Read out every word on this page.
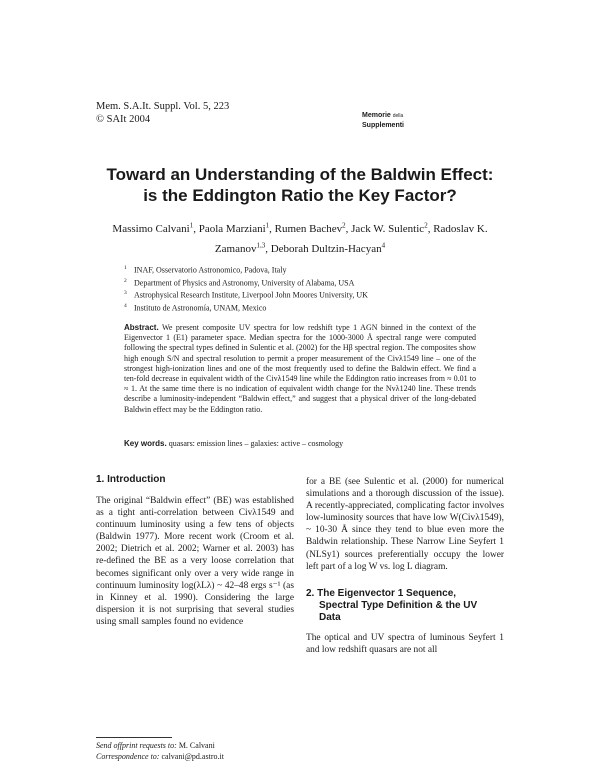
Mem. S.A.It. Suppl. Vol. 5, 223
© SAIt 2004	Memorie della
Supplementi
Toward an Understanding of the Baldwin Effect:
is the Eddington Ratio the Key Factor?
Massimo Calvani$^1$, Paola Marziani$^1$, Rumen Bachev$^2$, Jack W. Sulentic$^2$, Radoslav K. Zamanov$^{1,3}$, Deborah Dultzin-Hacyan$^4$
$^1$ INAF, Osservatorio Astronomico, Padova, Italy
$^2$ Department of Physics and Astronomy, University of Alabama, USA
$^3$ Astrophysical Research Institute, Liverpool John Moores University, UK
$^4$ Instituto de Astronomía, UNAM, Mexico
Abstract. We present composite UV spectra for low redshift type 1 AGN binned in the context of the Eigenvector 1 (E1) parameter space. Median spectra for the 1000-3000 Å spectral range were computed following the spectral types defined in Sulentic et al. (2002) for the Hβ spectral region. The composites show high enough S/N and spectral resolution to permit a proper measurement of the Civλ1549 line – one of the strongest high-ionization lines and one of the most frequently used to define the Baldwin effect. We find a ten-fold decrease in equivalent width of the Civλ1549 line while the Eddington ratio increases from ≈ 0.01 to ≈ 1. At the same time there is no indication of equivalent width change for the Nvλ1240 line. These trends describe a luminosity-independent “Baldwin effect,” and suggest that a physical driver of the long-debated Baldwin effect may be the Eddington ratio.
Key words. quasars: emission lines – galaxies: active – cosmology
1. Introduction

The original “Baldwin effect” (BE) was established as a tight anti-correlation between Civλ1549 and continuum luminosity using a few tens of objects (Baldwin 1977). More recent work (Croom et al. 2002; Dietrich et al. 2002; Warner et al. 2003) has re-defined the BE as a very loose correlation that becomes significant only over a very wide range in continuum luminosity log(λLλ) ~ 42–48 ergs s⁻¹ (as in Kinney et al. 1990). Considering the large dispersion it is not surprising that several studies using small samples found no evidence

for a BE (see Sulentic et al. (2000) for numerical simulations and a thorough discussion of the issue). A recently-appreciated, complicating factor involves low-luminosity sources that have low W(Civλ1549), ~ 10-30 Å since they tend to blue even more the Baldwin relationship. These Narrow Line Seyfert 1 (NLSy1) sources preferentially occupy the lower left part of a log W vs. log L diagram.

2. The Eigenvector 1 Sequence,
Spectral Type Definition & the UV
Data

The optical and UV spectra of luminous Seyfert 1 and low redshift quasars are not all

Send offprint requests to: M. Calvani
Correspondence to: calvani@pd.astro.it
